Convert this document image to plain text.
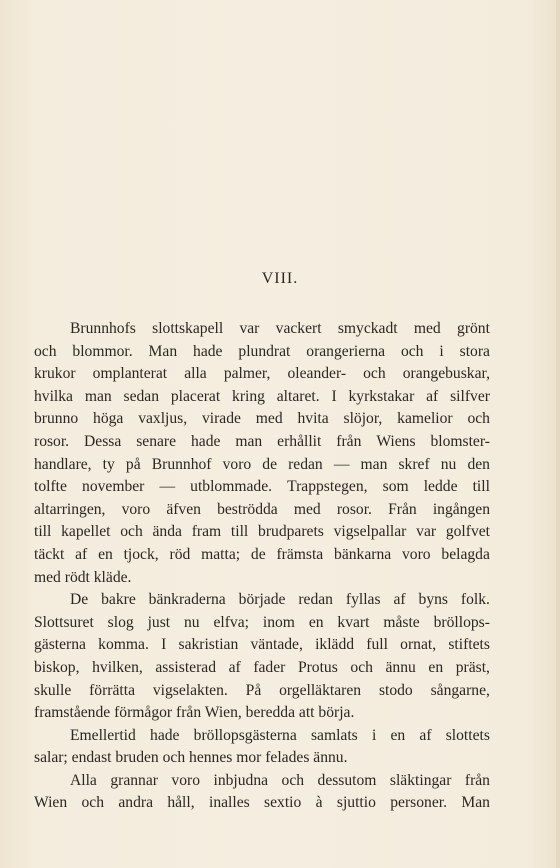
VIII.
Brunnhofs slottskapell var vackert smyckadt med grönt
och blommor. Man hade plundrat orangerierna och i stora
krukor omplanterat alla palmer, oleander- och orangebuskar,
hvilka man sedan placerat kring altaret. I kyrkstakar af silfver
brunno höga vaxljus, virade med hvita slöjor, kamelior och
rosor. Dessa senare hade man erhållit från Wiens blomster-
handlare, ty på Brunnhof voro de redan — man skref nu den
tolfte november — utblommade. Trappstegen, som ledde till
altarringen, voro äfven beströdda med rosor. Från ingången
till kapellet och ända fram till brudparets vigselpallar var golfvet
täckt af en tjock, röd matta; de främsta bänkarna voro belagda
med rödt kläde.
De bakre bänkraderna började redan fyllas af byns folk.
Slottsuret slog just nu elfva; inom en kvart måste bröllops-
gästerna komma. I sakristian väntade, iklädd full ornat, stiftets
biskop, hvilken, assisterad af fader Protus och ännu en präst,
skulle förrätta vigselakten. På orgelläktaren stodo sångarne,
framstående förmågor från Wien, beredda att börja.
Emellertid hade bröllopsgästerna samlats i en af slottets
salar; endast bruden och hennes mor felades ännu.
Alla grannar voro inbjudna och dessutom släktingar från
Wien och andra håll, inalles sextio à sjuttio personer. Man
